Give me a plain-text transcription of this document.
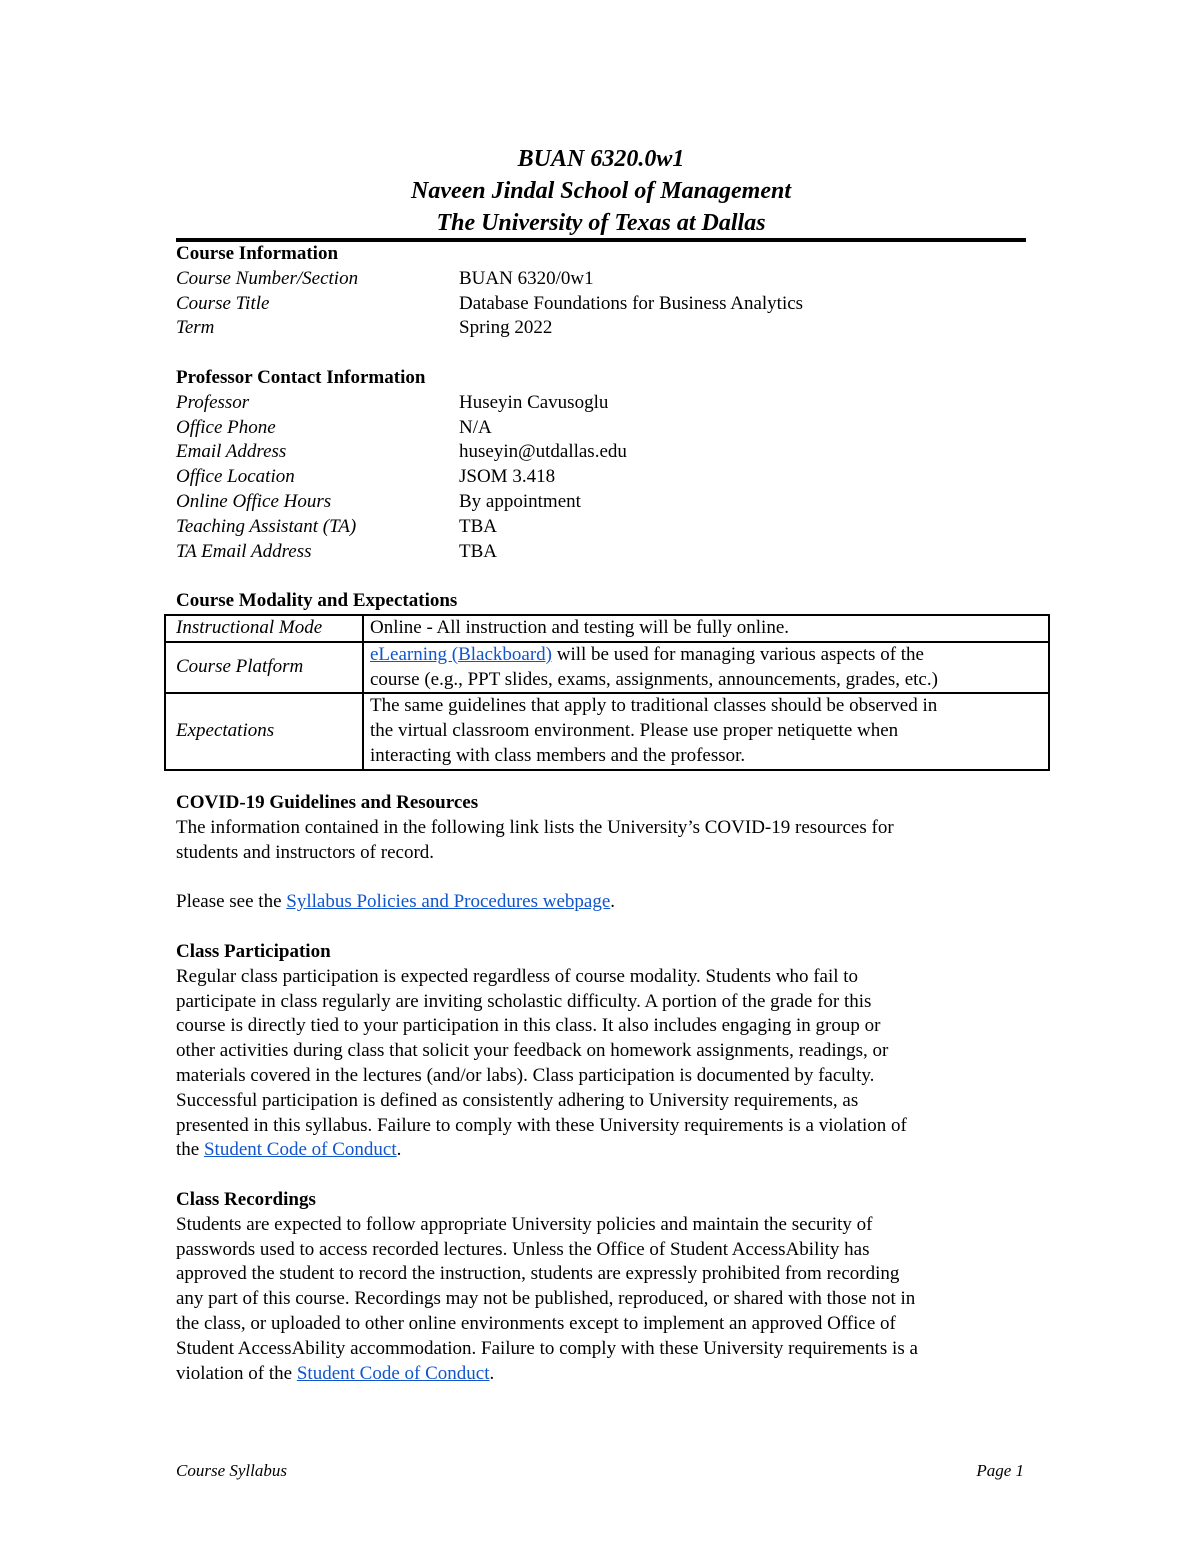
BUAN 6320.0w1
Naveen Jindal School of Management
The University of Texas at Dallas
Course Information
Course Number/Section	BUAN 6320/0w1
Course Title	Database Foundations for Business Analytics
Term	Spring 2022
Professor Contact Information
Professor	Huseyin Cavusoglu
Office Phone	N/A
Email Address	huseyin@utdallas.edu
Office Location	JSOM 3.418
Online Office Hours	By appointment
Teaching Assistant (TA)	TBA
TA Email Address	TBA
Course Modality and Expectations
Instructional Mode	Online - All instruction and testing will be fully online.
Course Platform	eLearning (Blackboard) will be used for managing various aspects of the
course (e.g., PPT slides, exams, assignments, announcements, grades, etc.)
Expectations	The same guidelines that apply to traditional classes should be observed in
the virtual classroom environment. Please use proper netiquette when
interacting with class members and the professor.
COVID-19 Guidelines and Resources

The information contained in the following link lists the University’s COVID-19 resources for

students and instructors of record.

Please see the Syllabus Policies and Procedures webpage.

Class Participation

Regular class participation is expected regardless of course modality. Students who fail to

participate in class regularly are inviting scholastic difficulty. A portion of the grade for this

course is directly tied to your participation in this class. It also includes engaging in group or

other activities during class that solicit your feedback on homework assignments, readings, or

materials covered in the lectures (and/or labs). Class participation is documented by faculty.

Successful participation is defined as consistently adhering to University requirements, as

presented in this syllabus. Failure to comply with these University requirements is a violation of

the Student Code of Conduct.

Class Recordings

Students are expected to follow appropriate University policies and maintain the security of

passwords used to access recorded lectures. Unless the Office of Student AccessAbility has

approved the student to record the instruction, students are expressly prohibited from recording

any part of this course. Recordings may not be published, reproduced, or shared with those not in

the class, or uploaded to other online environments except to implement an approved Office of

Student AccessAbility accommodation. Failure to comply with these University requirements is a

violation of the Student Code of Conduct.

Course Syllabus	Page 1
